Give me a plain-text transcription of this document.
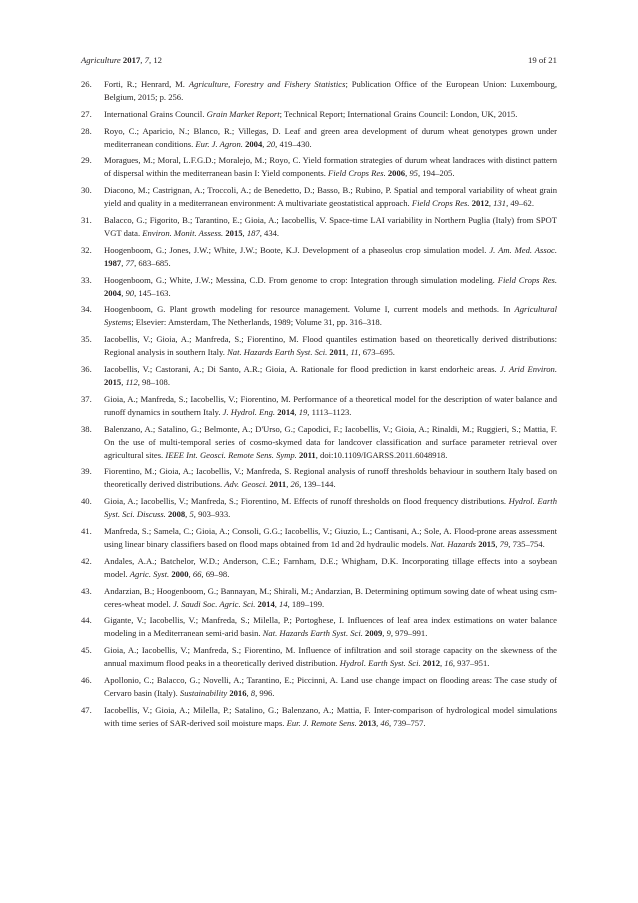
Agriculture 2017, 7, 12	19 of 21
26. Forti, R.; Henrard, M. Agriculture, Forestry and Fishery Statistics; Publication Office of the European Union: Luxembourg, Belgium, 2015; p. 256.
27. International Grains Council. Grain Market Report; Technical Report; International Grains Council: London, UK, 2015.
28. Royo, C.; Aparicio, N.; Blanco, R.; Villegas, D. Leaf and green area development of durum wheat genotypes grown under mediterranean conditions. Eur. J. Agron. 2004, 20, 419–430.
29. Moragues, M.; Moral, L.F.G.D.; Moralejo, M.; Royo, C. Yield formation strategies of durum wheat landraces with distinct pattern of dispersal within the mediterranean basin I: Yield components. Field Crops Res. 2006, 95, 194–205.
30. Diacono, M.; Castrignan, A.; Troccoli, A.; de Benedetto, D.; Basso, B.; Rubino, P. Spatial and temporal variability of wheat grain yield and quality in a mediterranean environment: A multivariate geostatistical approach. Field Crops Res. 2012, 131, 49–62.
31. Balacco, G.; Figorito, B.; Tarantino, E.; Gioia, A.; Iacobellis, V. Space-time LAI variability in Northern Puglia (Italy) from SPOT VGT data. Environ. Monit. Assess. 2015, 187, 434.
32. Hoogenboom, G.; Jones, J.W.; White, J.W.; Boote, K.J. Development of a phaseolus crop simulation model. J. Am. Med. Assoc. 1987, 77, 683–685.
33. Hoogenboom, G.; White, J.W.; Messina, C.D. From genome to crop: Integration through simulation modeling. Field Crops Res. 2004, 90, 145–163.
34. Hoogenboom, G. Plant growth modeling for resource management. Volume I, current models and methods. In Agricultural Systems; Elsevier: Amsterdam, The Netherlands, 1989; Volume 31, pp. 316–318.
35. Iacobellis, V.; Gioia, A.; Manfreda, S.; Fiorentino, M. Flood quantiles estimation based on theoretically derived distributions: Regional analysis in southern Italy. Nat. Hazards Earth Syst. Sci. 2011, 11, 673–695.
36. Iacobellis, V.; Castorani, A.; Di Santo, A.R.; Gioia, A. Rationale for flood prediction in karst endorheic areas. J. Arid Environ. 2015, 112, 98–108.
37. Gioia, A.; Manfreda, S.; Iacobellis, V.; Fiorentino, M. Performance of a theoretical model for the description of water balance and runoff dynamics in southern Italy. J. Hydrol. Eng. 2014, 19, 1113–1123.
38. Balenzano, A.; Satalino, G.; Belmonte, A.; D'Urso, G.; Capodici, F.; Iacobellis, V.; Gioia, A.; Rinaldi, M.; Ruggieri, S.; Mattia, F. On the use of multi-temporal series of cosmo-skymed data for landcover classification and surface parameter retrieval over agricultural sites. IEEE Int. Geosci. Remote Sens. Symp. 2011, doi:10.1109/IGARSS.2011.6048918.
39. Fiorentino, M.; Gioia, A.; Iacobellis, V.; Manfreda, S. Regional analysis of runoff thresholds behaviour in southern Italy based on theoretically derived distributions. Adv. Geosci. 2011, 26, 139–144.
40. Gioia, A.; Iacobellis, V.; Manfreda, S.; Fiorentino, M. Effects of runoff thresholds on flood frequency distributions. Hydrol. Earth Syst. Sci. Discuss. 2008, 5, 903–933.
41. Manfreda, S.; Samela, C.; Gioia, A.; Consoli, G.G.; Iacobellis, V.; Giuzio, L.; Cantisani, A.; Sole, A. Flood-prone areas assessment using linear binary classifiers based on flood maps obtained from 1d and 2d hydraulic models. Nat. Hazards 2015, 79, 735–754.
42. Andales, A.A.; Batchelor, W.D.; Anderson, C.E.; Farnham, D.E.; Whigham, D.K. Incorporating tillage effects into a soybean model. Agric. Syst. 2000, 66, 69–98.
43. Andarzian, B.; Hoogenboom, G.; Bannayan, M.; Shirali, M.; Andarzian, B. Determining optimum sowing date of wheat using csm-ceres-wheat model. J. Saudi Soc. Agric. Sci. 2014, 14, 189–199.
44. Gigante, V.; Iacobellis, V.; Manfreda, S.; Milella, P.; Portoghese, I. Influences of leaf area index estimations on water balance modeling in a Mediterranean semi-arid basin. Nat. Hazards Earth Syst. Sci. 2009, 9, 979–991.
45. Gioia, A.; Iacobellis, V.; Manfreda, S.; Fiorentino, M. Influence of infiltration and soil storage capacity on the skewness of the annual maximum flood peaks in a theoretically derived distribution. Hydrol. Earth Syst. Sci. 2012, 16, 937–951.
46. Apollonio, C.; Balacco, G.; Novelli, A.; Tarantino, E.; Piccinni, A. Land use change impact on flooding areas: The case study of Cervaro basin (Italy). Sustainability 2016, 8, 996.
47. Iacobellis, V.; Gioia, A.; Milella, P.; Satalino, G.; Balenzano, A.; Mattia, F. Inter-comparison of hydrological model simulations with time series of SAR-derived soil moisture maps. Eur. J. Remote Sens. 2013, 46, 739–757.
